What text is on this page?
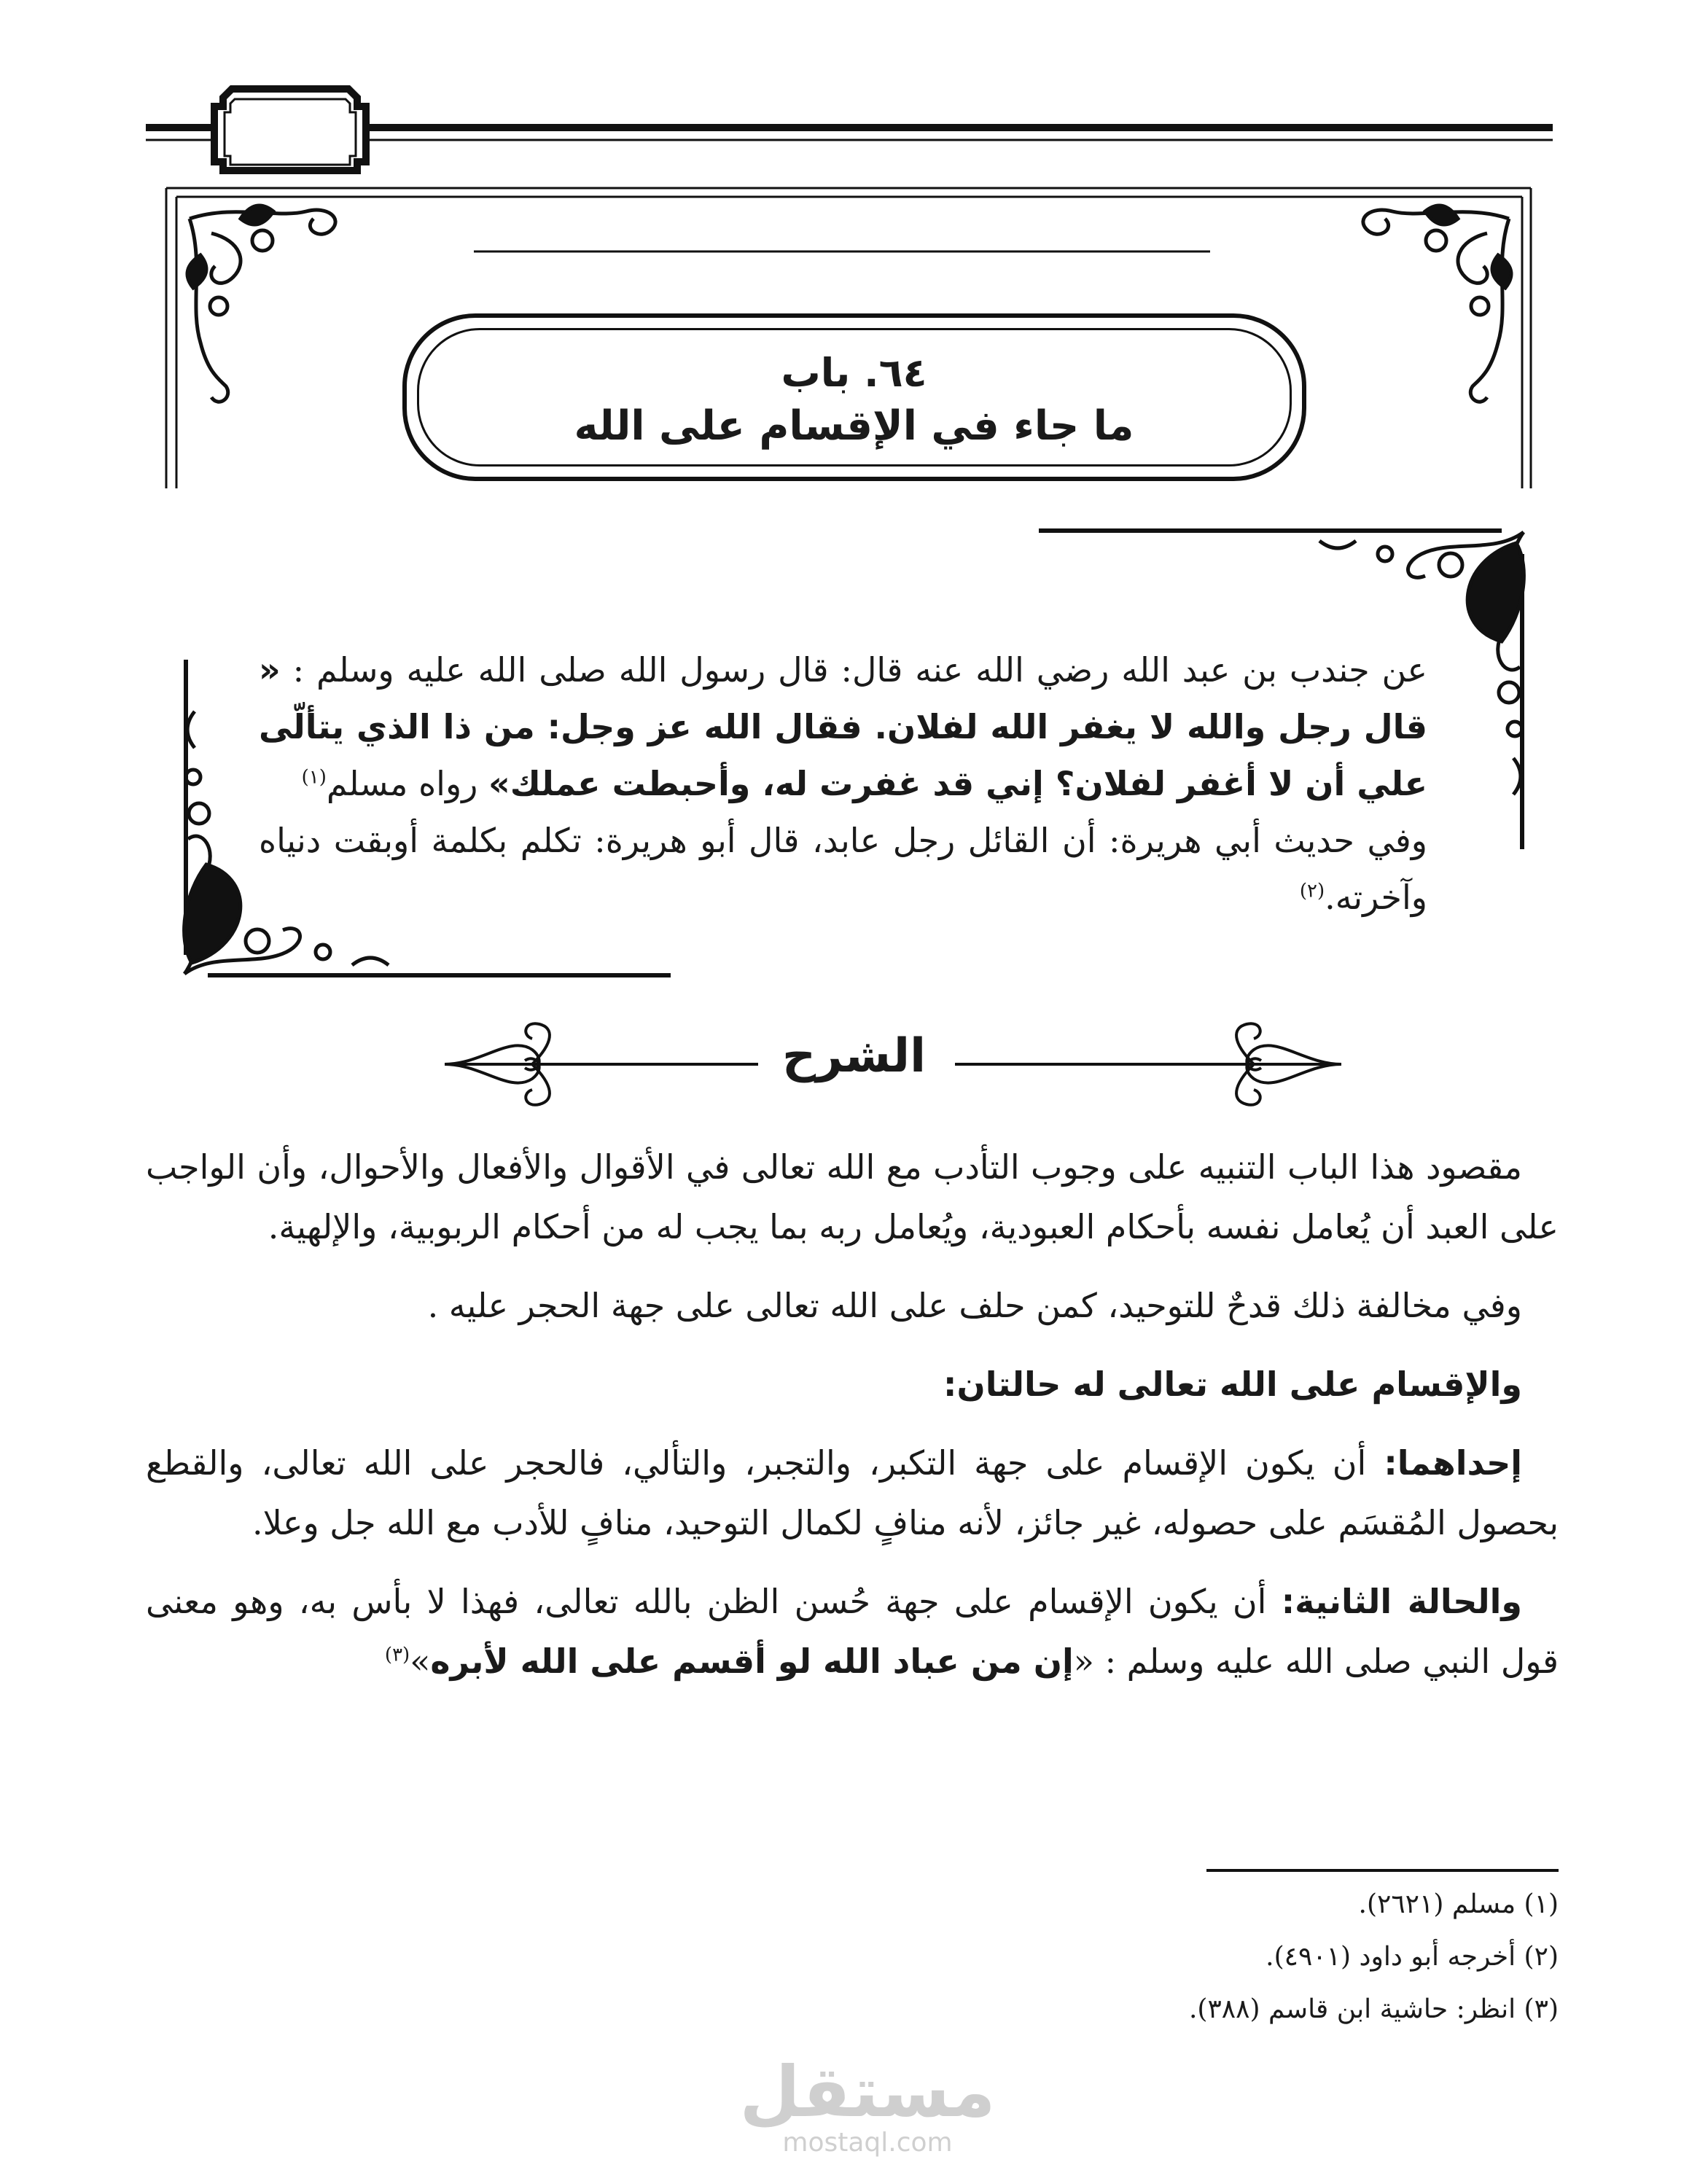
٦٤. باب
ما جاء في الإقسام على الله

عن جندب بن عبد الله رضي الله عنه قال: قال رسول الله صلى الله عليه وسلم : « قال رجل والله لا يغفر الله لفلان. فقال الله عز وجل: من ذا الذي يتألّى علي أن لا أغفر لفلان؟ إني قد غفرت له، وأحبطت عملك» رواه مسلم$^{(١)}$

وفي حديث أبي هريرة: أن القائل رجل عابد، قال أبو هريرة: تكلم بكلمة أوبقت دنياه وآخرته.$^{(٢)}$

الشرح

مقصود هذا الباب التنبيه على وجوب التأدب مع الله تعالى في الأقوال والأفعال والأحوال، وأن الواجب على العبد أن يُعامل نفسه بأحكام العبودية، ويُعامل ربه بما يجب له من أحكام الربوبية، والإلهية.

وفي مخالفة ذلك قدحٌ للتوحيد، كمن حلف على الله تعالى على جهة الحجر عليه .

والإقسام على الله تعالى له حالتان:

إحداهما: أن يكون الإقسام على جهة التكبر، والتجبر، والتألي، فالحجر على الله تعالى، والقطع بحصول المُقسَم على حصوله، غير جائز، لأنه منافٍ لكمال التوحيد، منافٍ للأدب مع الله جل وعلا.

والحالة الثانية: أن يكون الإقسام على جهة حُسن الظن بالله تعالى، فهذا لا بأس به، وهو معنى قول النبي صلى الله عليه وسلم : «إن من عباد الله لو أقسم على الله لأبره»$^{(٣)}$

(١) مسلم (٢٦٢١).

(٢) أخرجه أبو داود (٤٩٠١).

(٣) انظر: حاشية ابن قاسم (٣٨٨).

مستقل
mostaql.com
